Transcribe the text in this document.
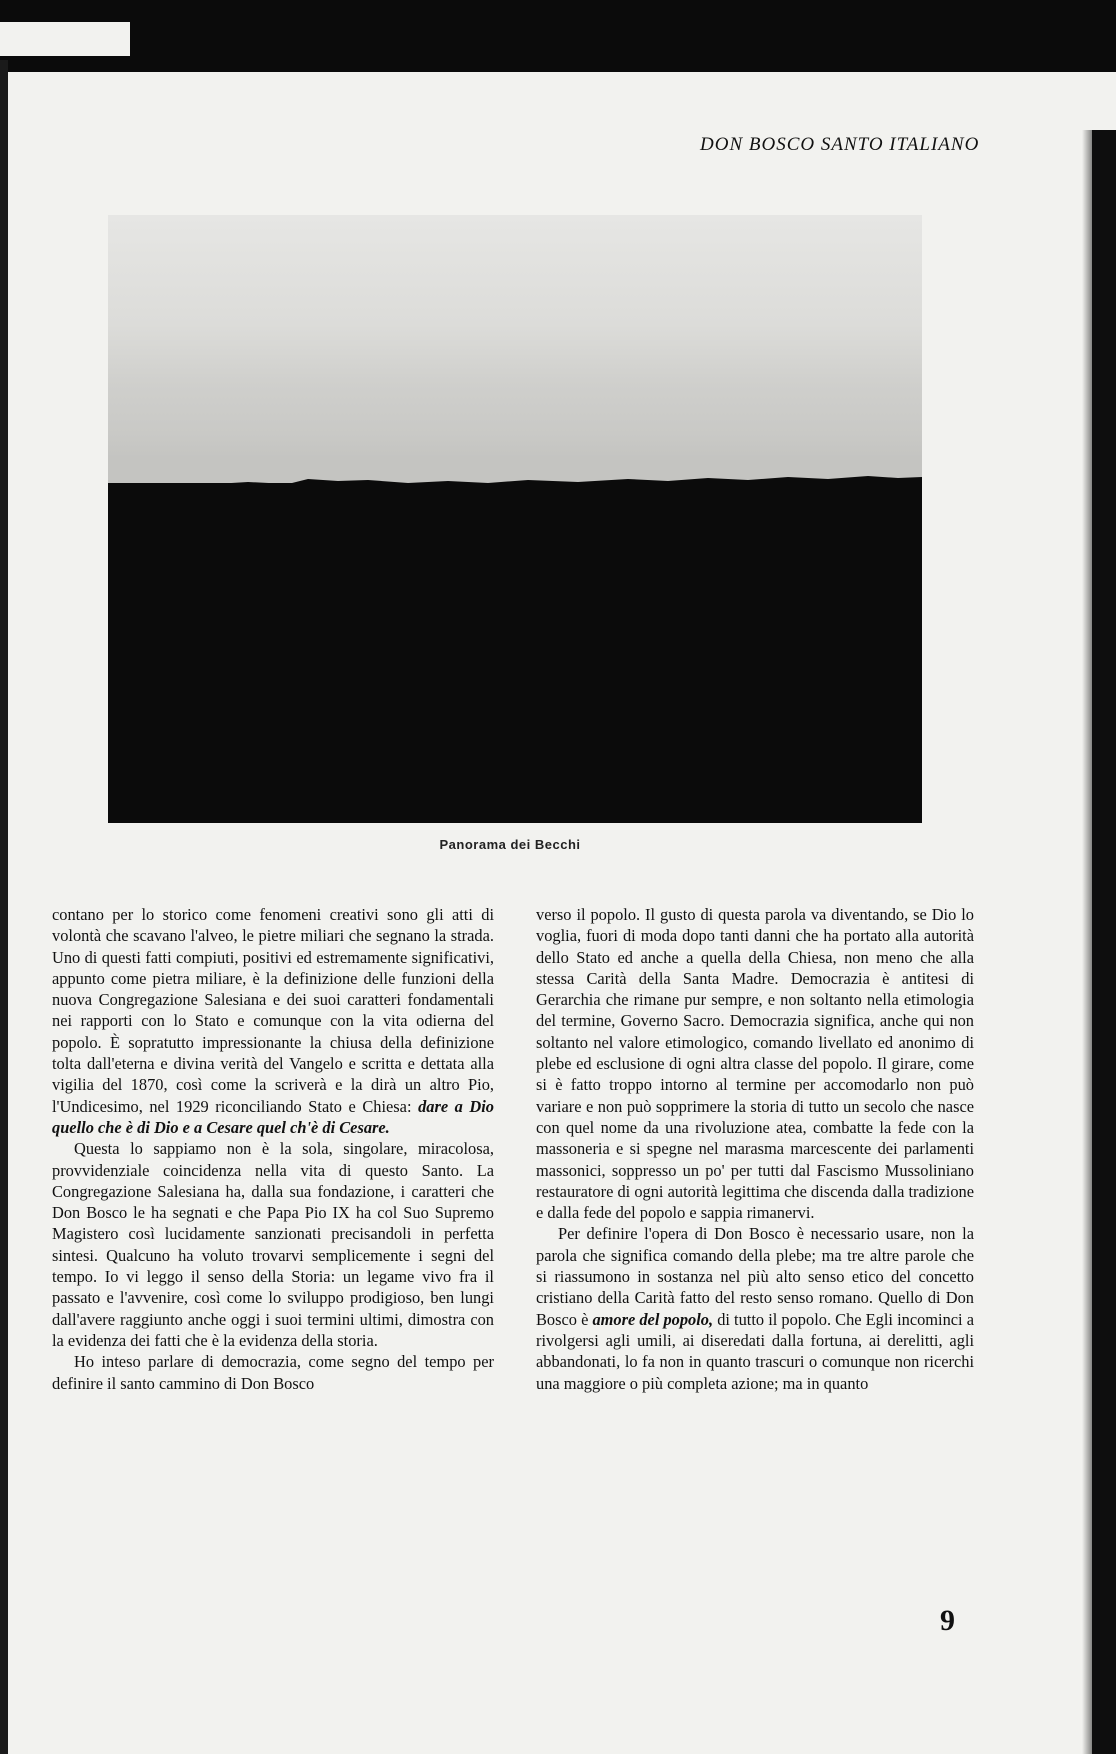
DON BOSCO SANTO ITALIANO
Panorama dei Becchi

contano per lo storico come fenomeni creativi sono gli atti di volontà che scavano l'alveo, le pietre miliari che segnano la strada. Uno di questi fatti compiuti, positivi ed estremamente significativi, appunto come pietra miliare, è la definizione delle funzioni della nuova Congregazione Salesiana e dei suoi caratteri fondamentali nei rapporti con lo Stato e comunque con la vita odierna del popolo. È sopratutto impressionante la chiusa della definizione tolta dall'eterna e divina verità del Vangelo e scritta e dettata alla vigilia del 1870, così come la scriverà e la dirà un altro Pio, l'Undicesimo, nel 1929 riconciliando Stato e Chiesa: dare a Dio quello che è di Dio e a Cesare quel ch'è di Cesare.

Questa lo sappiamo non è la sola, singolare, miracolosa, provvidenziale coincidenza nella vita di questo Santo. La Congregazione Salesiana ha, dalla sua fondazione, i caratteri che Don Bosco le ha segnati e che Papa Pio IX ha col Suo Supremo Magistero così lucidamente sanzionati precisandoli in perfetta sintesi. Qualcuno ha voluto trovarvi semplicemente i segni del tempo. Io vi leggo il senso della Storia: un legame vivo fra il passato e l'avvenire, così come lo sviluppo prodigioso, ben lungi dall'avere raggiunto anche oggi i suoi termini ultimi, dimostra con la evidenza dei fatti che è la evidenza della storia.

Ho inteso parlare di democrazia, come segno del tempo per definire il santo cammino di Don Bosco

verso il popolo. Il gusto di questa parola va diventando, se Dio lo voglia, fuori di moda dopo tanti danni che ha portato alla autorità dello Stato ed anche a quella della Chiesa, non meno che alla stessa Carità della Santa Madre. Democrazia è antitesi di Gerarchia che rimane pur sempre, e non soltanto nella etimologia del termine, Governo Sacro. Democrazia significa, anche qui non soltanto nel valore etimologico, comando livellato ed anonimo di plebe ed esclusione di ogni altra classe del popolo. Il girare, come si è fatto troppo intorno al termine per accomodarlo non può variare e non può sopprimere la storia di tutto un secolo che nasce con quel nome da una rivoluzione atea, combatte la fede con la massoneria e si spegne nel marasma marcescente dei parlamenti massonici, soppresso un po' per tutti dal Fascismo Mussoliniano restauratore di ogni autorità legittima che discenda dalla tradizione e dalla fede del popolo e sappia rimanervi.

Per definire l'opera di Don Bosco è necessario usare, non la parola che significa comando della plebe; ma tre altre parole che si riassumono in sostanza nel più alto senso etico del concetto cristiano della Carità fatto del resto senso romano. Quello di Don Bosco è amore del popolo, di tutto il popolo. Che Egli incominci a rivolgersi agli umili, ai diseredati dalla fortuna, ai derelitti, agli abbandonati, lo fa non in quanto trascuri o comunque non ricerchi una maggiore o più completa azione; ma in quanto

9
